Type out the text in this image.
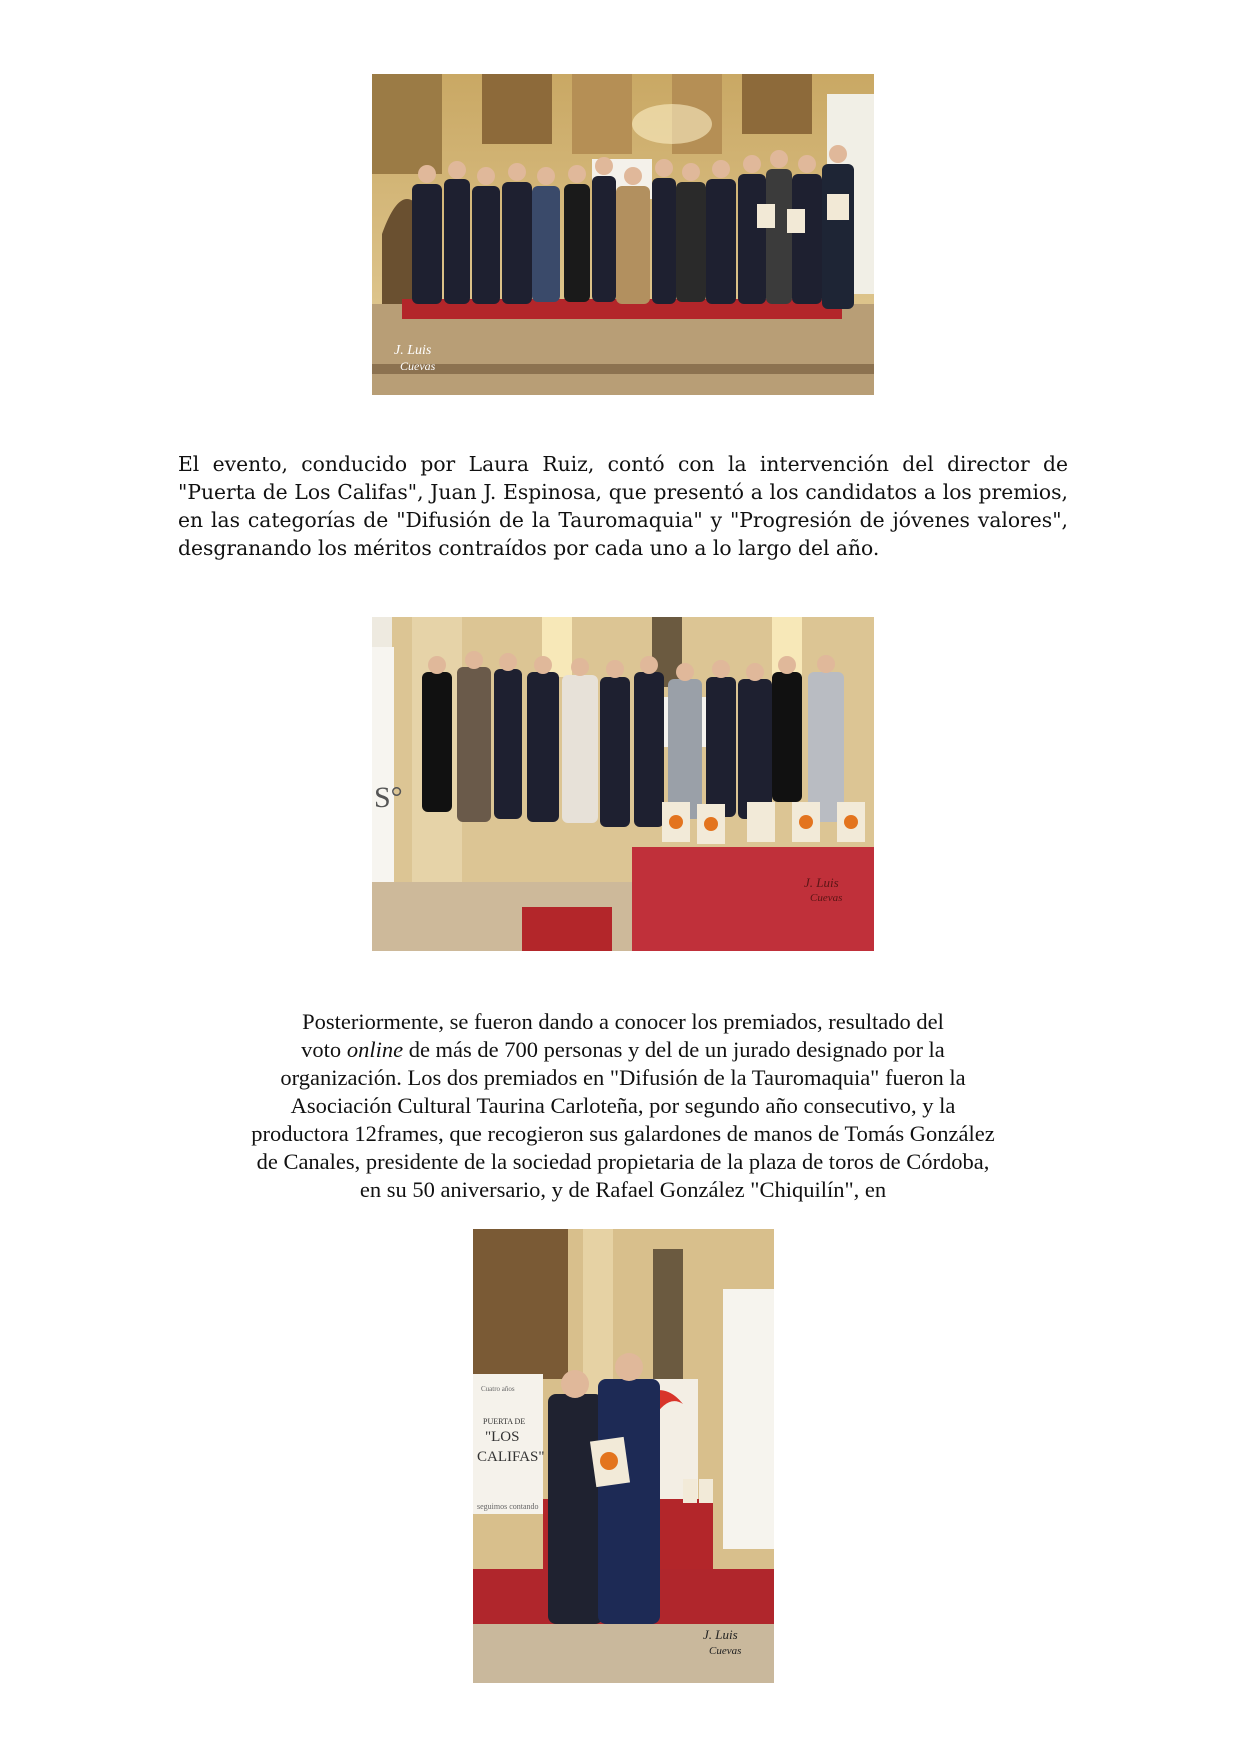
J. Luis
Cuevas

El evento, conducido por Laura Ruiz, contó con la intervención del director de "Puerta de Los Califas", Juan J. Espinosa, que presentó a los candidatos a los premios, en las categorías de "Difusión de la Tauromaquia" y "Progresión de jóvenes valores", desgranando los méritos contraídos por cada uno a lo largo del año.

S°
J. Luis
Cuevas

Posteriormente, se fueron dando a conocer los premiados, resultado del
voto online de más de 700 personas y del de un jurado designado por la
organización. Los dos premiados en "Difusión de la Tauromaquia" fueron la
Asociación Cultural Taurina Carloteña, por segundo año consecutivo, y la
productora 12frames, que recogieron sus galardones de manos de Tomás González
de Canales, presidente de la sociedad propietaria de la plaza de toros de Córdoba,
en su 50 aniversario, y de Rafael González "Chiquilín", en

Cuatro años
PUERTA DE
"LOS
CALIFAS"
seguimos contando
J. Luis
Cuevas
